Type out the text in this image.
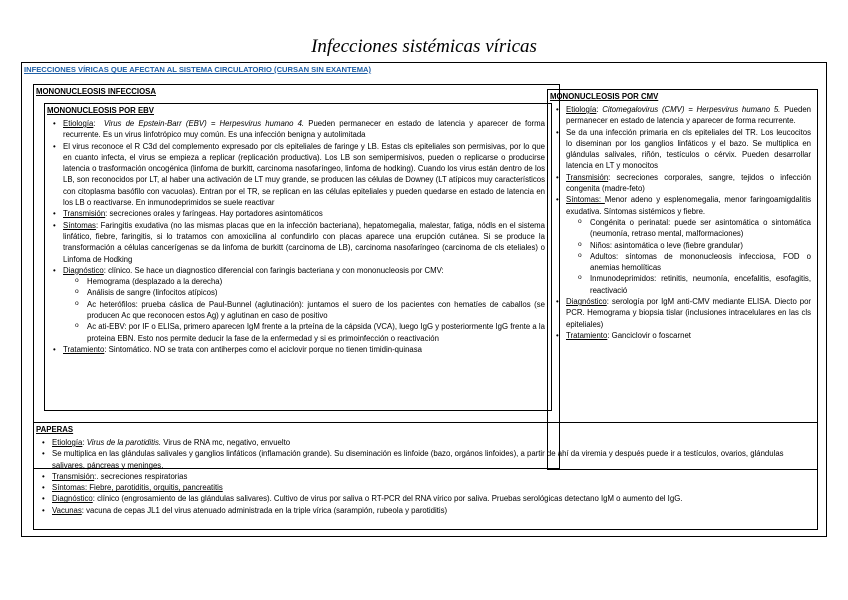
Infecciones sistémicas víricas
INFECCIONES VÍRICAS QUE AFECTAN AL SISTEMA CIRCULATORIO (CURSAN SIN EXANTEMA)
MONONUCLEOSIS INFECCIOSA
MONONUCLEOSIS POR EBV
• Etiología: Virus de Epstein-Barr (EBV) = Herpesvirus humano 4. Pueden permanecer en estado de latencia y aparecer de forma recurrente. Es un virus linfotrópico muy común. Es una infección benigna y autolimitada
• El virus reconoce el R C3d del complemento expresado por cls epiteliales de faringe y LB. Estas cls epiteliales son permisivas, por lo que en cuanto infecta, el virus se empieza a replicar (replicación productiva). Los LB son semipermisivos, pueden o replicarse o producirse latencia o trasformación oncogénica (linfoma de burkitt, carcinoma nasofaríngeo, linfoma de hodking). Cuando los virus están dentro de los LB, son reconocidos por LT, al haber una activación de LT muy grande, se producen las células de Downey (LT atípicos muy característicos con citoplasma basófilo con vacuolas). Entran por el TR, se replican en las células epiteliales y pueden quedarse en estado de latencia en los LB o reactivarse. En inmunodeprimidos se suele reactivar
• Transmisión: secreciones orales y faríngeas. Hay portadores asintomáticos
• Síntomas: Faringitis exudativa (no las mismas placas que en la infección bacteriana), hepatomegalia, malestar, fatiga, nódls en el sistema linfático, fiebre, faringitis, si lo tratamos con amoxicilina al confundirlo con placas aparece una erupción cutánea. Si se produce la transformación a células cancerígenas se da linfoma de burkitt (carcinoma de LB), carcinoma nasofaríngeo (carcinoma de cls eteliales) o Linfoma de Hodking
• Diagnóstico: clínico. Se hace un diagnostico diferencial con faringis bacteriana y con mononucleosis por CMV:
o Hemograma (desplazado a la derecha)
o Análisis de sangre (linfocitos atípicos)
o Ac heterófilos: prueba cáslica de Paul-Bunnel (aglutinación): juntamos el suero de los pacientes con hematíes de caballos (se producen Ac que reconocen estos Ag) y aglutinan en caso de positivo
o Ac ati-EBV: por IF o ELISa, primero aparecen IgM frente a la prteína de la cápsida (VCA), luego IgG y posteriormente IgG frente a la proteina EBN. Esto nos permite deducir la fase de la enfermedad y si es primoinfección o reactivación
• Tratamiento: Sintomático. NO se trata con antiherpes como el aciclovir porque no tienen timidin-quinasa
MONONUCLEOSIS POR CMV
• Etiología: Citomegalovirus (CMV) = Herpesvirus humano 5. Pueden permanecer en estado de latencia y aparecer de forma recurrente.
• Se da una infección primaria en cls epiteliales del TR. Los leucocitos lo diseminan por los ganglios linfáticos y el bazo. Se multiplica en glándulas salivales, riñón, testículos o cérvix. Pueden desarrollar latencia en LT y monocitos
• Transmisión: secreciones corporales, sangre, tejidos o infección congenita (madre-feto)
• Síntomas: Menor adeno y esplenomegalia, menor faringoamigdalitis exudativa. Síntomas sistémicos y fiebre.
o Congénita o perinatal: puede ser asintomática o sintomática (neumonía, retraso mental, malformaciones)
o Niños: asintomática o leve (fiebre grandular)
o Adultos: síntomas de mononucleosis infecciosa, FOD o anemias hemolíticas
o Inmunodeprimidos: retinitis, neumonía, encefalitis, esofagitis, reactivació
• Diagnóstico: serología por IgM anti-CMV mediante ELISA. Diecto por PCR. Hemograma y biopsia tislar (inclusiones intracelulares en las cls epiteliales)
• Tratamiento: Ganciclovir o foscarnet
PAPERAS
• Etiología: Virus de la parotiditis. Virus de RNA mc, negativo, envuelto
• Se multiplica en las glándulas salivales y ganglios linfáticos (inflamación grande). Su diseminación es linfoide (bazo, orgános linfoides), a partir de ahí da viremia y después puede ir a testículos, ovarios, glándulas salivares, páncreas y meninges.
• Transmisión:. secreciones respiratorias
• Síntomas: Fiebre, parotiditis, orquitis, pancreatitis
• Diagnóstico: clínico (engrosamiento de las glándulas salivares). Cultivo de virus por saliva o RT-PCR del RNA vírico por saliva. Pruebas serológicas detectano IgM o aumento del IgG.
• Vacunas: vacuna de cepas JL1 del virus atenuado administrada en la triple vírica (sarampión, rubeola y parotiditis)
